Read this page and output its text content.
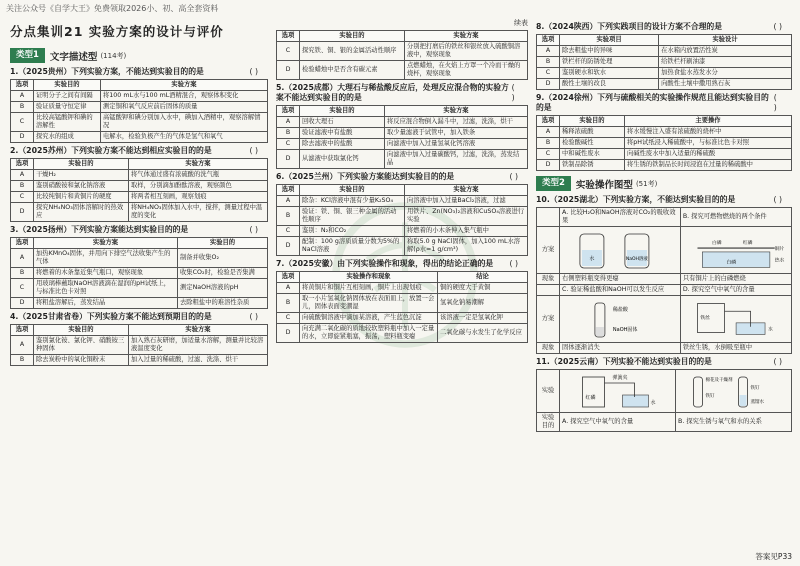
关注公众号《自学大王》免费领取2026小、初、高全套资料
分点集训21 实验方案的设计与评价
类型1	文字描述型 (114考)
1.（2025贵州）下列实验方案，不能达到实验目的的是	( )
选项	实验目的	实验方案
A	证明分子之间有间隔	将100 mL水与100 mL酒精混合，观察体积变化
B	验证质量守恒定律	测定铜和氧气反应前后固体的质量
C	比较高锰酸钾和碘的溶解性	高锰酸钾和碘分别加入水中，碘加入酒精中，观察溶解情况
D	探究水的组成	电解水，检验负极产生的气体是氢气和氧气
2.（2025苏州）下列实验方案不能达到相应实验目的的是	( )
选项	实验目的	实验方案
A	干燥H₂	将气体通过盛有浓硫酸的洗气瓶
B	鉴别硝酸铵和氯化钠溶液	取样，分别滴加酚酞溶液，观察颜色
C	比较纯铜片和黄铜片的硬度	将两者相互刻画，观察划痕
D	探究NH₄NO₃固体溶解时的热效应	将NH₄NO₃固体加入水中，搅拌，测量过程中温度的变化
3.（2025扬州）下列实验方案能达到实验目的的是	( )
选项	实验方案	实验目的
A	加热KMnO₄固体，并用向下排空气法收集产生的气体	制备并收集O₂
B	将燃着的木条靠近集气瓶口，观察现象	收集CO₂时，检验是否集满
C	用玻璃棒蘸取NaOH溶液滴在湿润的pH试纸上，与标准比色卡对照	测定NaOH溶液的pH
D	将粗盐溶解后，蒸发结晶	去除粗盐中的难溶性杂质
4.（2025甘肃省卷）下列实验方案不能达到预期目的的是	( )
选项	实验目的	实验方案
A	鉴别氯化铵、氯化钾、硝酸铵三种固体	加入熟石灰研磨，加适量水溶解，测量并比较溶液温度变化
B	除去炭粉中的氧化铜粉末	加入过量的稀硫酸，过滤、洗涤、烘干
续表
选项	实验目的	实验方案
C	探究铁、铜、银的金属活动性顺序	分别把打磨后的铁丝和银丝放入硫酸铜溶液中，观察现象
D	检验蜡烛中是否含有碳元素	点燃蜡烛，在火焰上方罩一个冷而干燥的烧杯，观察现象
5.（2025成都）大理石与稀盐酸反应后，处理反应混合物的实验方案不能达到实验目的的是
( )
选项	实验目的	实验方案
A	回收大理石	将反应混合物倒入漏斗中，过滤，洗涤，烘干
B	验证滤液中有盐酸	取少量滤液于试管中，加入铁条
C	除去滤液中的盐酸	向滤液中加入过量氢氧化钙溶液
D	从滤液中获取氯化钙	向滤液中加入过量碳酸钙，过滤，洗涤，蒸发结晶
6.（2025兰州）下列实验方案能达到实验目的的是	( )
选项	实验目的	实验方案
A	除杂：KCl溶液中混有少量K₂SO₄	向溶液中加入过量BaCl₂溶液，过滤
B	验证：铁、铜、银三种金属的活动性顺序	用铁片、Zn(NO₃)₂溶液和CuSO₄溶液进行实验
C	鉴别：N₂和CO₂	将燃着的小木条伸入集气瓶中
D	配制：100 g溶质质量分数为5%的NaCl溶液	称取5.0 g NaCl固体，加入100 mL水溶解(ρ水=1 g/cm³)
7.（2025安徽）由下列实验操作和现象，得出的结论正确的是 ( )
选项	实验操作和现象	结论
A	将黄铜片和铜片互相刻画，铜片上出现划痕	铜的硬度大于黄铜
B	取一小片氢氧化钠固体放在表面皿上，放置一会儿，固体表面变潮湿	氢氧化钠易潮解
C	向硫酸铜溶液中滴加某溶液，产生蓝色沉淀	该溶液一定是氢氧化钾
D	向充满二氧化碳的质地较软塑料瓶中加入一定量的水，立即旋紧瓶塞，振荡，塑料瓶变瘪	二氧化碳与水发生了化学反应
8.（2024陕西）下列实践项目的设计方案不合理的是	( )
选项	实验项目	实验设计
A	除去粗盐中的异味	在水箱内放置活性炭
B	铁栏杆的防锈处理	给铁栏杆刷油漆
C	鉴别硬水和软水	加热食盐水蒸发水分
D	酸性土壤的改良	向酸性土壤中撒用熟石灰
9.（2024徐州）下列与硫酸相关的实验操作规范且能达到实验目的的是
( )
选项	实验目的	主要操作
A	稀释浓硫酸	将水缓慢注入盛有浓硫酸的烧杯中
B	检验酸碱性	将pH试纸浸入稀硫酸中，与标准比色卡对照
C	中和碱性废水	向碱性废水中加入适量的稀硫酸
D	铁制品除锈	将生锈的铁制品长时间浸泡在过量的稀硫酸中
类型2	实验操作图型 (51考)
10.（2025湖北）下列实验方案，不能达到实验目的的是	( )
	A. 比较H₂O和NaOH溶液对CO₂的吸收效果	B. 探究可燃物燃烧的两个条件
方案	水 NaOH溶液	白磷 红磷
铜片
热水
白磷

现象	右侧塑料瓶变得更瘪	只有铜片上的白磷燃烧
	C. 验证稀盐酸和NaOH可以发生反应	D. 探究空气中氧气的含量
方案	稀盐酸
NaOH固体	铁丝
水

现象	固体逐渐消失	铁丝生锈，水倒吸至瓶中
11.（2025云南）下列实验不能达到实验目的的是	( )
实验	弹簧夹
红磷
水	棉花及干燥剂
铁钉
铁钉
蒸馏水

实验目的	A. 探究空气中氧气的含量	B. 探究生锈与氧气和水的关系
答案见P33
